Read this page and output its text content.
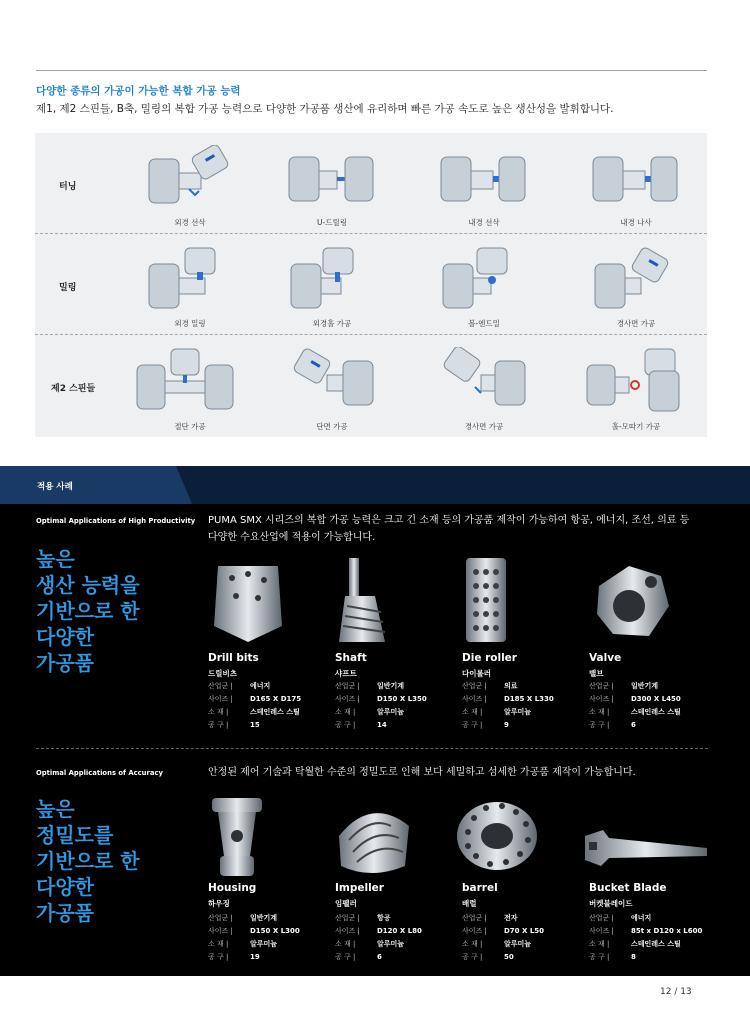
다양한 종류의 가공이 가능한 복합 가공 능력
제1, 제2 스핀들, B축, 밀링의 복합 가공 능력으로 다양한 가공품 생산에 유리하며 빠른 가공 속도로 높은 생산성을 발휘합니다.
터닝
외경 선삭	U-드릴링	내경 선삭	내경 나사
밀링
외경 밀링	외경홀 가공	볼-엔드밀	경사면 가공
제2 스핀들
절단 가공	단면 가공	경사면 가공	홀-모따기 가공
적용 사례
Optimal Applications of High Productivity PUMA SMX 시리즈의 복합 가공 능력은 크고 긴 소재 등의 가공품 제작이 가능하여 항공, 에너지, 조선, 의료 등
다양한 수요산업에 적용이 가능합니다.
높은
생산 능력을
기반으로 한
다양한
가공품	Drill bits
드릴비츠
산업군 | 에너지
사이즈 | D165 X D175
소 재 |	스테인레스 스틸
공 구 |	15
Shaft
샤프트
산업군 | 일반기계
사이즈 | D150 X L350
소 재 |	알루미늄
공 구 |	14
Die roller
다이롤러
산업군 | 의료
사이즈 | D185 X L330
소 재 |	알루미늄
공 구 |	9
Valve
밸브
산업군 | 일반기계
사이즈 | D300 X L450
소 재 |	스테인레스 스틸
공 구 |	6
Optimal Applications of Accuracy	안정된 제어 기술과 탁월한 수준의 정밀도로 인해 보다 세밀하고 섬세한 가공품 제작이 가능합니다.
높은
정밀도를
기반으로 한
다양한
가공품
Housing
하우징
산업군 | 일반기계
사이즈 | D150 X L300
소 재 |	알루미늄
공 구 |	19
Impeller
임펠러
산업군 | 항공
사이즈 | D120 X L80
소 재 |	알루미늄
공 구 |	6
barrel
배럴
산업군 | 전자
사이즈 | D70 X L50
소 재 |	알루미늄
공 구 |	50
Bucket Blade
버켓블레이드
산업군 | 에너지
사이즈 | 85t x D120 x L600
소 재 |	스테인레스 스틸
공 구 |	8
12 / 13
